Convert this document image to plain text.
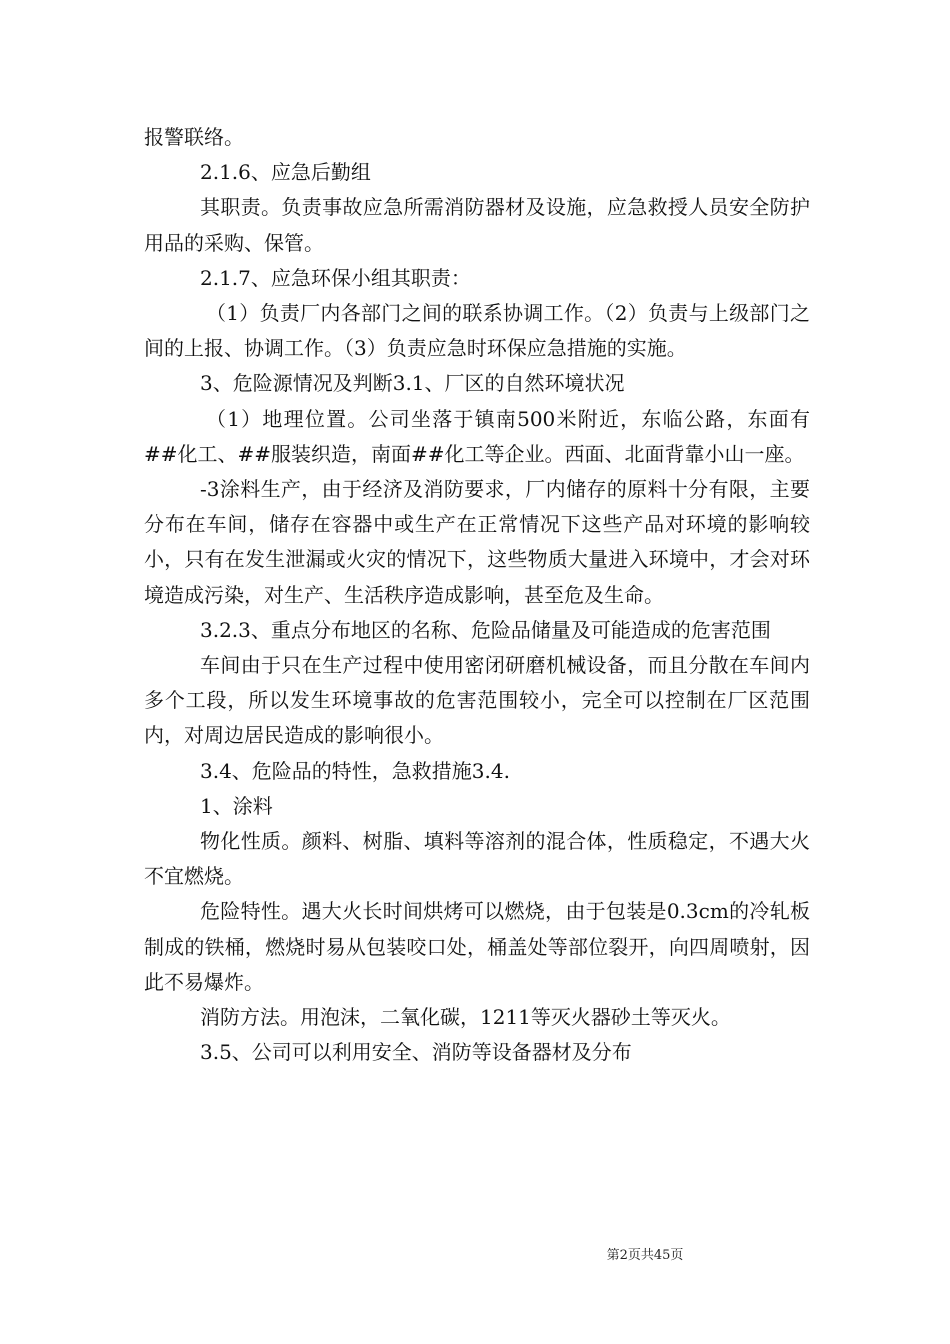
报警联络。

2.1.6、应急后勤组

其职责。负责事故应急所需消防器材及设施，应急救授人员安全防护用品的采购、保管。

2.1.7、应急环保小组其职责：

（1）负责厂内各部门之间的联系协调工作。（2）负责与上级部门之间的上报、协调工作。（3）负责应急时环保应急措施的实施。

3、危险源情况及判断3.1、厂区的自然环境状况

（1）地理位置。公司坐落于镇南500米附近，东临公路，东面有##化工、##服装织造，南面##化工等企业。西面、北面背靠小山一座。

-3涂料生产，由于经济及消防要求，厂内储存的原料十分有限，主要分布在车间，储存在容器中或生产在正常情况下这些产品对环境的影响较小，只有在发生泄漏或火灾的情况下，这些物质大量进入环境中，才会对环境造成污染，对生产、生活秩序造成影响，甚至危及生命。

3.2.3、重点分布地区的名称、危险品储量及可能造成的危害范围

车间由于只在生产过程中使用密闭研磨机械设备，而且分散在车间内多个工段，所以发生环境事故的危害范围较小，完全可以控制在厂区范围内，对周边居民造成的影响很小。

3.4、危险品的特性，急救措施3.4.

1、涂料

物化性质。颜料、树脂、填料等溶剂的混合体，性质稳定，不遇大火不宜燃烧。

危险特性。遇大火长时间烘烤可以燃烧，由于包装是0.3cm的冷轧板制成的铁桶，燃烧时易从包装咬口处，桶盖处等部位裂开，向四周喷射，因此不易爆炸。

消防方法。用泡沫，二氧化碳，1211等灭火器砂土等灭火。

3.5、公司可以利用安全、消防等设备器材及分布

第2页共45页
